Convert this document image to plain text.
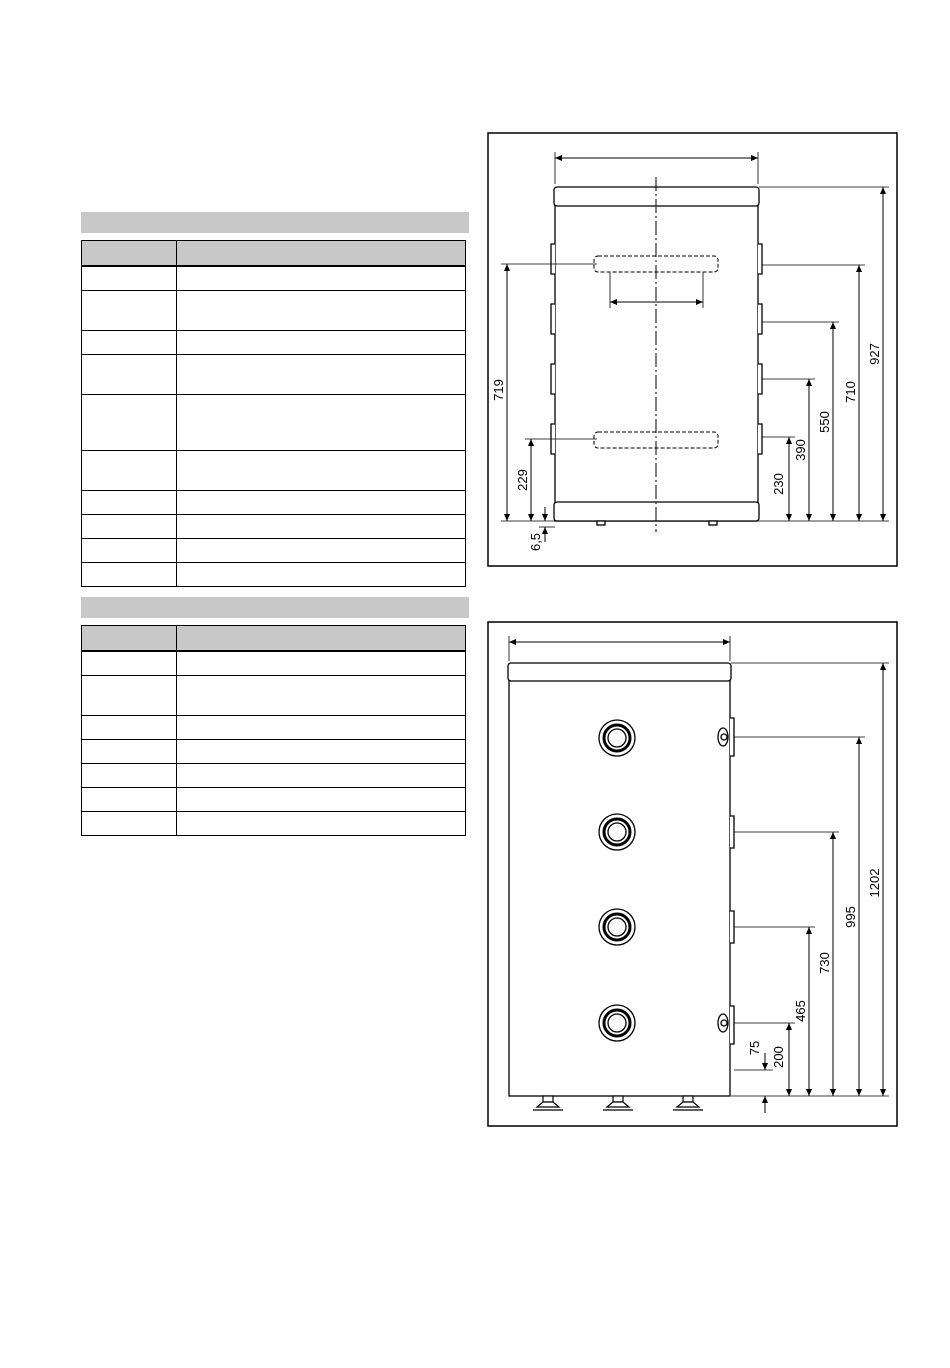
927
710
550
390
230
719
229
6,5
1202
995
730
465
200
75
